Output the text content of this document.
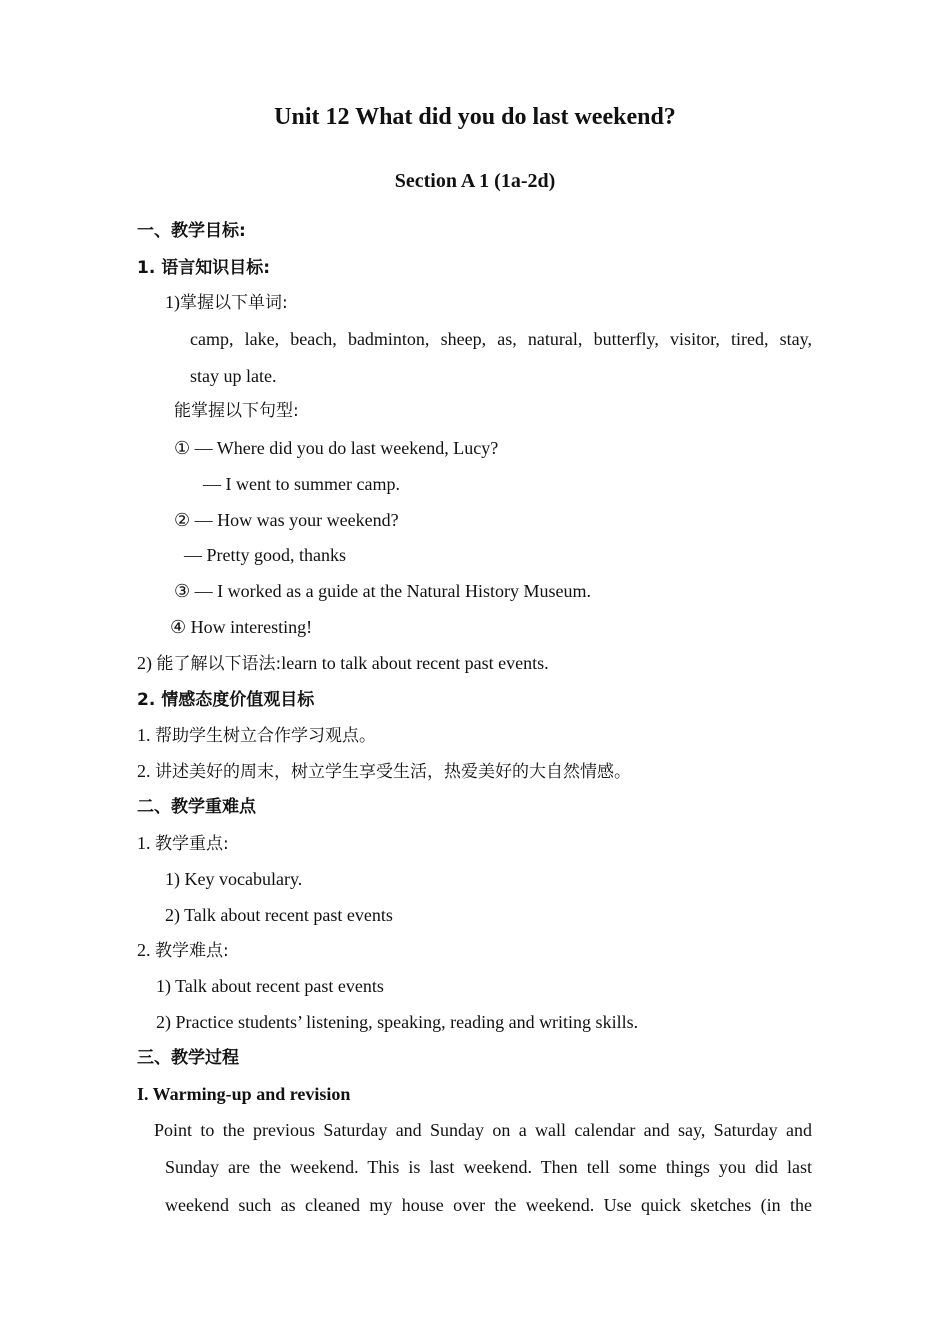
Unit 12 What did you do last weekend?
Section A 1 (1a-2d)
一、教学目标:
1. 语言知识目标:
1)掌握以下单词:
camp, lake, beach, badminton, sheep, as, natural, butterfly, visitor, tired, stay,
stay up late.
能掌握以下句型:
① — Where did you do last weekend, Lucy?
— I went to summer camp.
② — How was your weekend?
— Pretty good, thanks
③ — I worked as a guide at the Natural History Museum.
④ How interesting!
2) 能了解以下语法:learn to talk about recent past events.
2. 情感态度价值观目标
1. 帮助学生树立合作学习观点。
2. 讲述美好的周末，树立学生享受生活，热爱美好的大自然情感。
二、教学重难点
1. 教学重点:
1) Key vocabulary.
2) Talk about recent past events
2. 教学难点:
1) Talk about recent past events
2) Practice students’ listening, speaking, reading and writing skills.
三、教学过程
I. Warming-up and revision
Point to the previous Saturday and Sunday on a wall calendar and say, Saturday and
Sunday are the weekend. This is last weekend. Then tell some things you did last
weekend such as cleaned my house over the weekend. Use quick sketches (in the
